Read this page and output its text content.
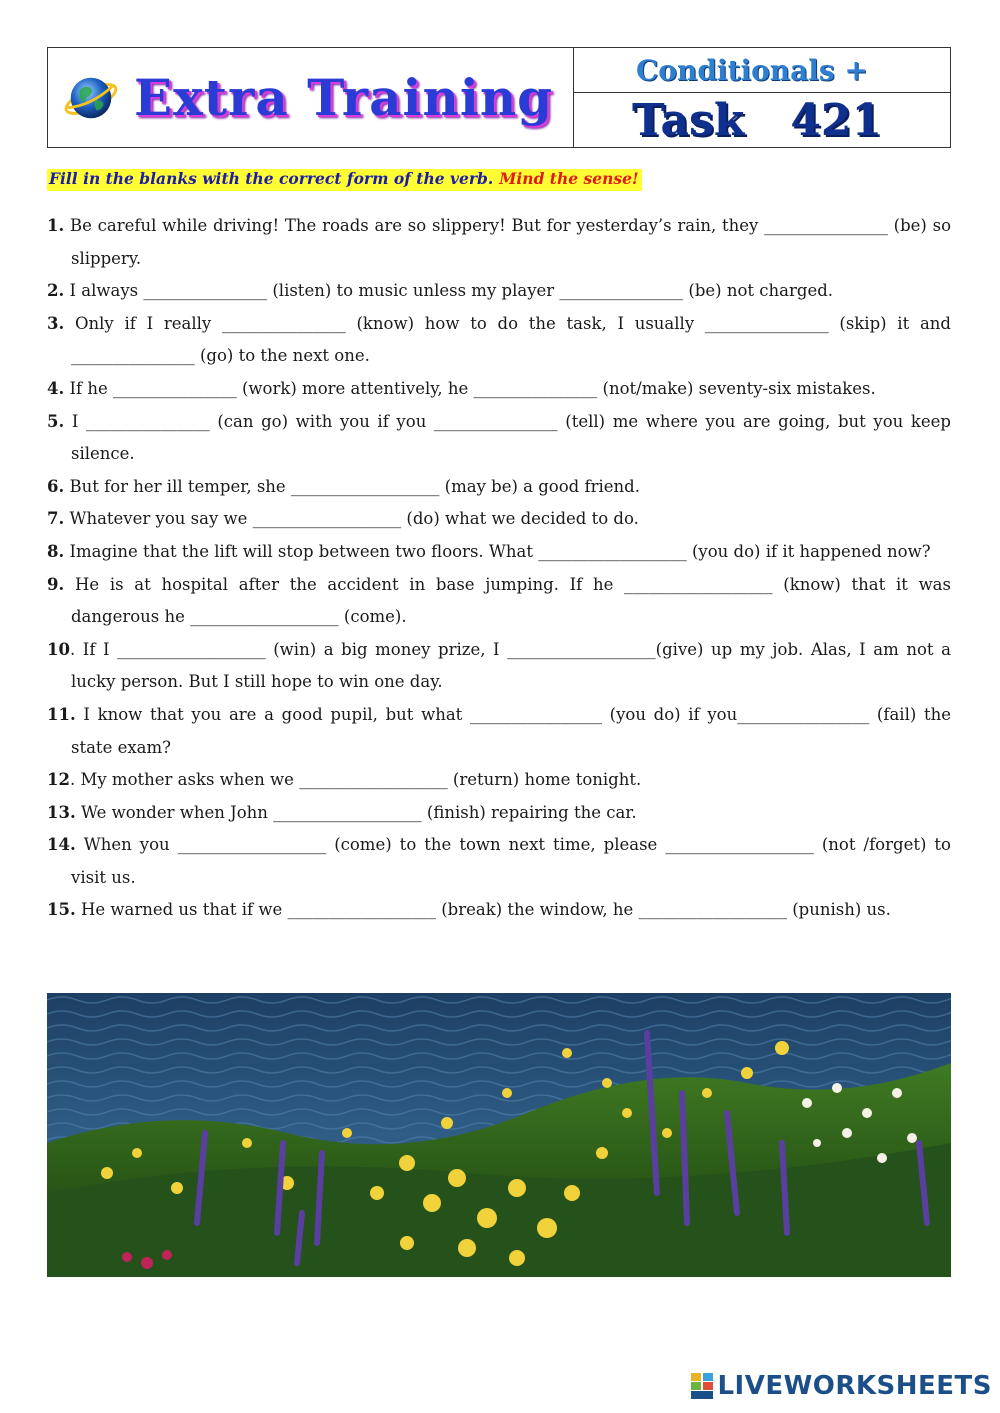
Extra Training	Conditionals +
Task 421
Fill in the blanks with the correct form of the verb. Mind the sense!
1. Be careful while driving! The roads are so slippery! But for yesterday’s rain, they _______________ (be) so slippery.
2. I always _______________ (listen) to music unless my player _______________ (be) not charged.
3. Only if I really _______________ (know) how to do the task, I usually _______________ (skip) it and _______________ (go) to the next one.
4. If he _______________ (work) more attentively, he _______________ (not/make) seventy-six mistakes.
5. I _______________ (can go) with you if you _______________ (tell) me where you are going, but you keep silence.
6. But for her ill temper, she __________________ (may be) a good friend.
7. Whatever you say we __________________ (do) what we decided to do.
8. Imagine that the lift will stop between two floors. What __________________ (you do) if it happened now?
9. He is at hospital after the accident in base jumping. If he __________________ (know) that it was dangerous he __________________ (come).
10. If I __________________ (win) a big money prize, I __________________(give) up my job. Alas, I am not a lucky person. But I still hope to win one day.
11. I know that you are a good pupil, but what ________________ (you do) if you________________ (fail) the state exam?
12. My mother asks when we __________________ (return) home tonight.
13. We wonder when John __________________ (finish) repairing the car.
14. When you __________________ (come) to the town next time, please __________________ (not /forget) to visit us.
15. He warned us that if we __________________ (break) the window, he __________________ (punish) us.
LIVEWORKSHEETS
